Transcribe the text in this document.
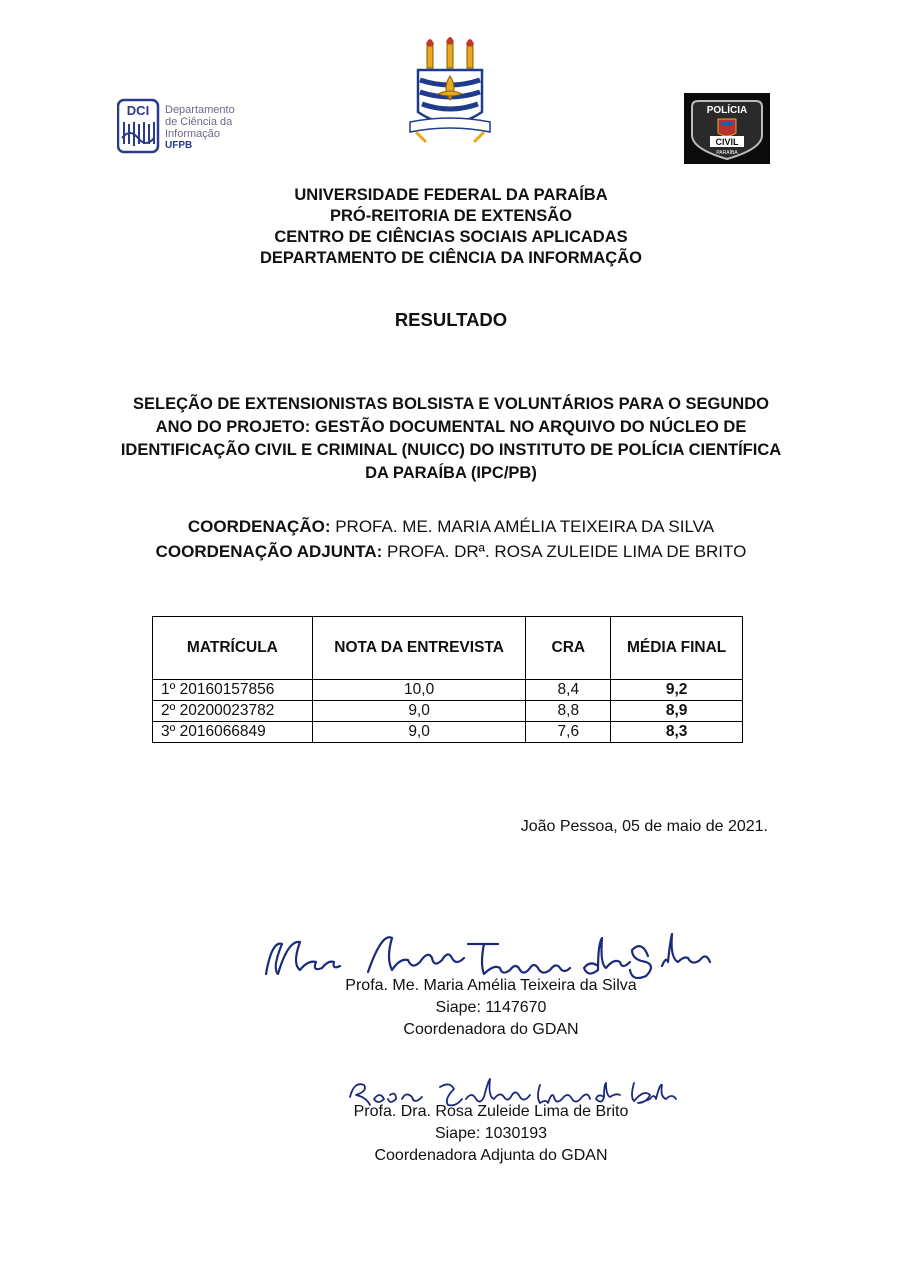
DCI Departamento
de Ciência da
Informação
UFPB
POLÍCIA
CIVIL
PARAÍBA
UNIVERSIDADE FEDERAL DA PARAÍBA
PRÓ-REITORIA DE EXTENSÃO
CENTRO DE CIÊNCIAS SOCIAIS APLICADAS
DEPARTAMENTO DE CIÊNCIA DA INFORMAÇÃO
RESULTADO
SELEÇÃO DE EXTENSIONISTAS BOLSISTA E VOLUNTÁRIOS PARA O SEGUNDO ANO DO PROJETO: GESTÃO DOCUMENTAL NO ARQUIVO DO NÚCLEO DE IDENTIFICAÇÃO CIVIL E CRIMINAL (NUICC) DO INSTITUTO DE POLÍCIA CIENTÍFICA DA PARAÍBA (IPC/PB)
COORDENAÇÃO: PROFA. ME. MARIA AMÉLIA TEIXEIRA DA SILVA
COORDENAÇÃO ADJUNTA: PROFA. DRª. ROSA ZULEIDE LIMA DE BRITO
MATRÍCULA	NOTA DA ENTREVISTA	CRA	MÉDIA FINAL
1º 20160157856	10,0	8,4	9,2
2º 20200023782	9,0	8,8	8,9
3º 2016066849	9,0	7,6	8,3
João Pessoa, 05 de maio de 2021.
Profa. Me. Maria Amélia Teixeira da Silva
Siape: 1147670
Coordenadora do GDAN
Profa. Dra. Rosa Zuleide Lima de Brito
Siape: 1030193
Coordenadora Adjunta do GDAN
